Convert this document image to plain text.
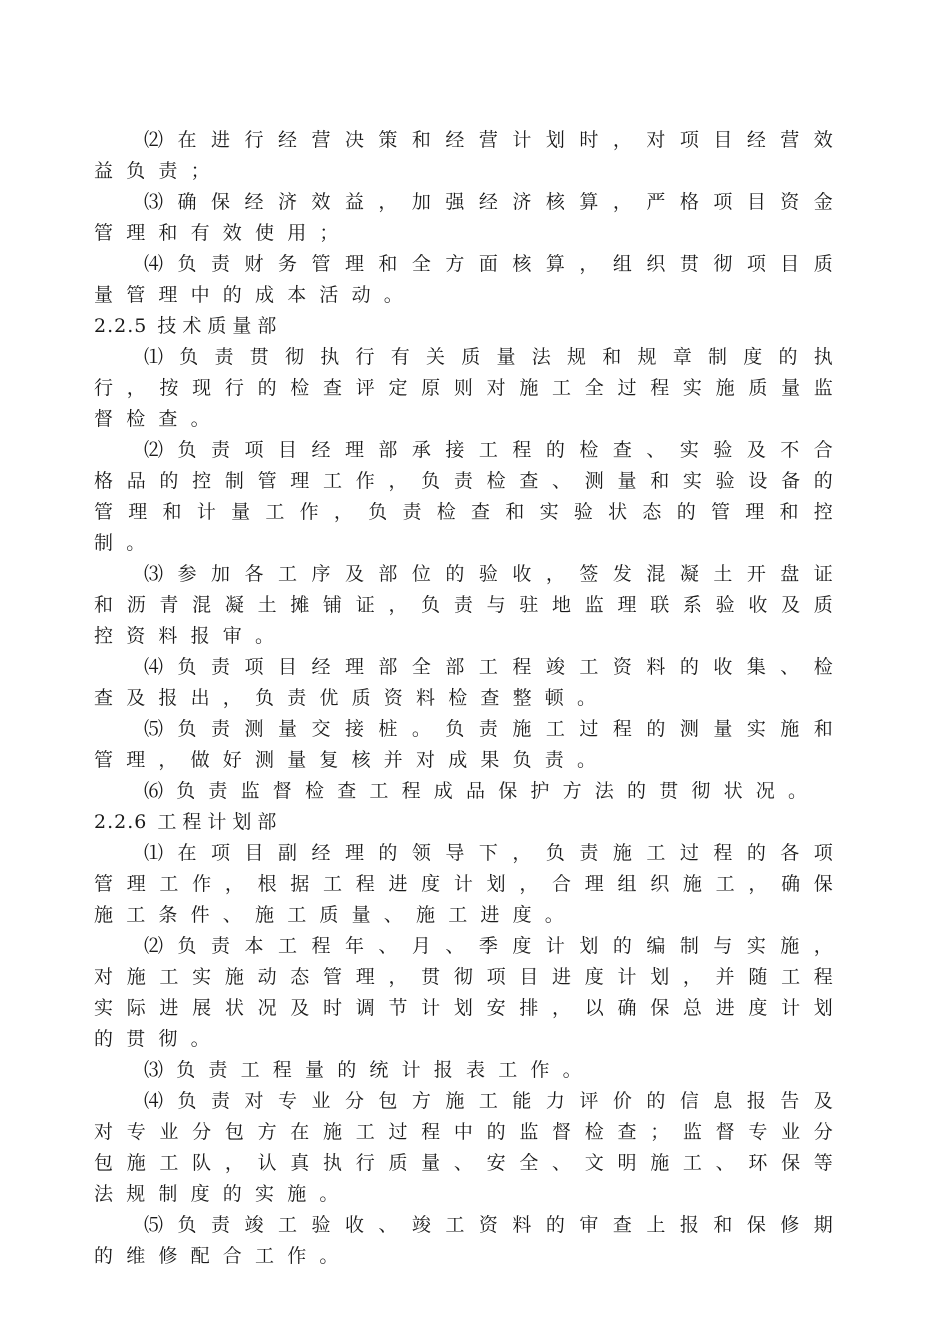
⑵在进行经营决策和经营计划时，对项目经营效益负责；

⑶确保经济效益，加强经济核算，严格项目资金管理和有效使用；

⑷负责财务管理和全方面核算，组织贯彻项目质量管理中的成本活动。

2.2.5 技术质量部

⑴负责贯彻执行有关质量法规和规章制度的执行，按现行的检查评定原则对施工全过程实施质量监督检查。

⑵负责项目经理部承接工程的检查、实验及不合格品的控制管理工作，负责检查、测量和实验设备的管理和计量工作，负责检查和实验状态的管理和控制。

⑶参加各工序及部位的验收，签发混凝土开盘证和沥青混凝土摊铺证，负责与驻地监理联系验收及质控资料报审。

⑷负责项目经理部全部工程竣工资料的收集、检查及报出，负责优质资料检查整顿。

⑸负责测量交接桩。负责施工过程的测量实施和管理，做好测量复核并对成果负责。

⑹负责监督检查工程成品保护方法的贯彻状况。

2.2.6 工程计划部

⑴在项目副经理的领导下，负责施工过程的各项管理工作，根据工程进度计划，合理组织施工，确保施工条件、施工质量、施工进度。

⑵负责本工程年、月、季度计划的编制与实施，对施工实施动态管理，贯彻项目进度计划，并随工程实际进展状况及时调节计划安排，以确保总进度计划的贯彻。

⑶负责工程量的统计报表工作。

⑷负责对专业分包方施工能力评价的信息报告及对专业分包方在施工过程中的监督检查；监督专业分包施工队，认真执行质量、安全、文明施工、环保等法规制度的实施。

⑸负责竣工验收、竣工资料的审查上报和保修期的维修配合工作。
